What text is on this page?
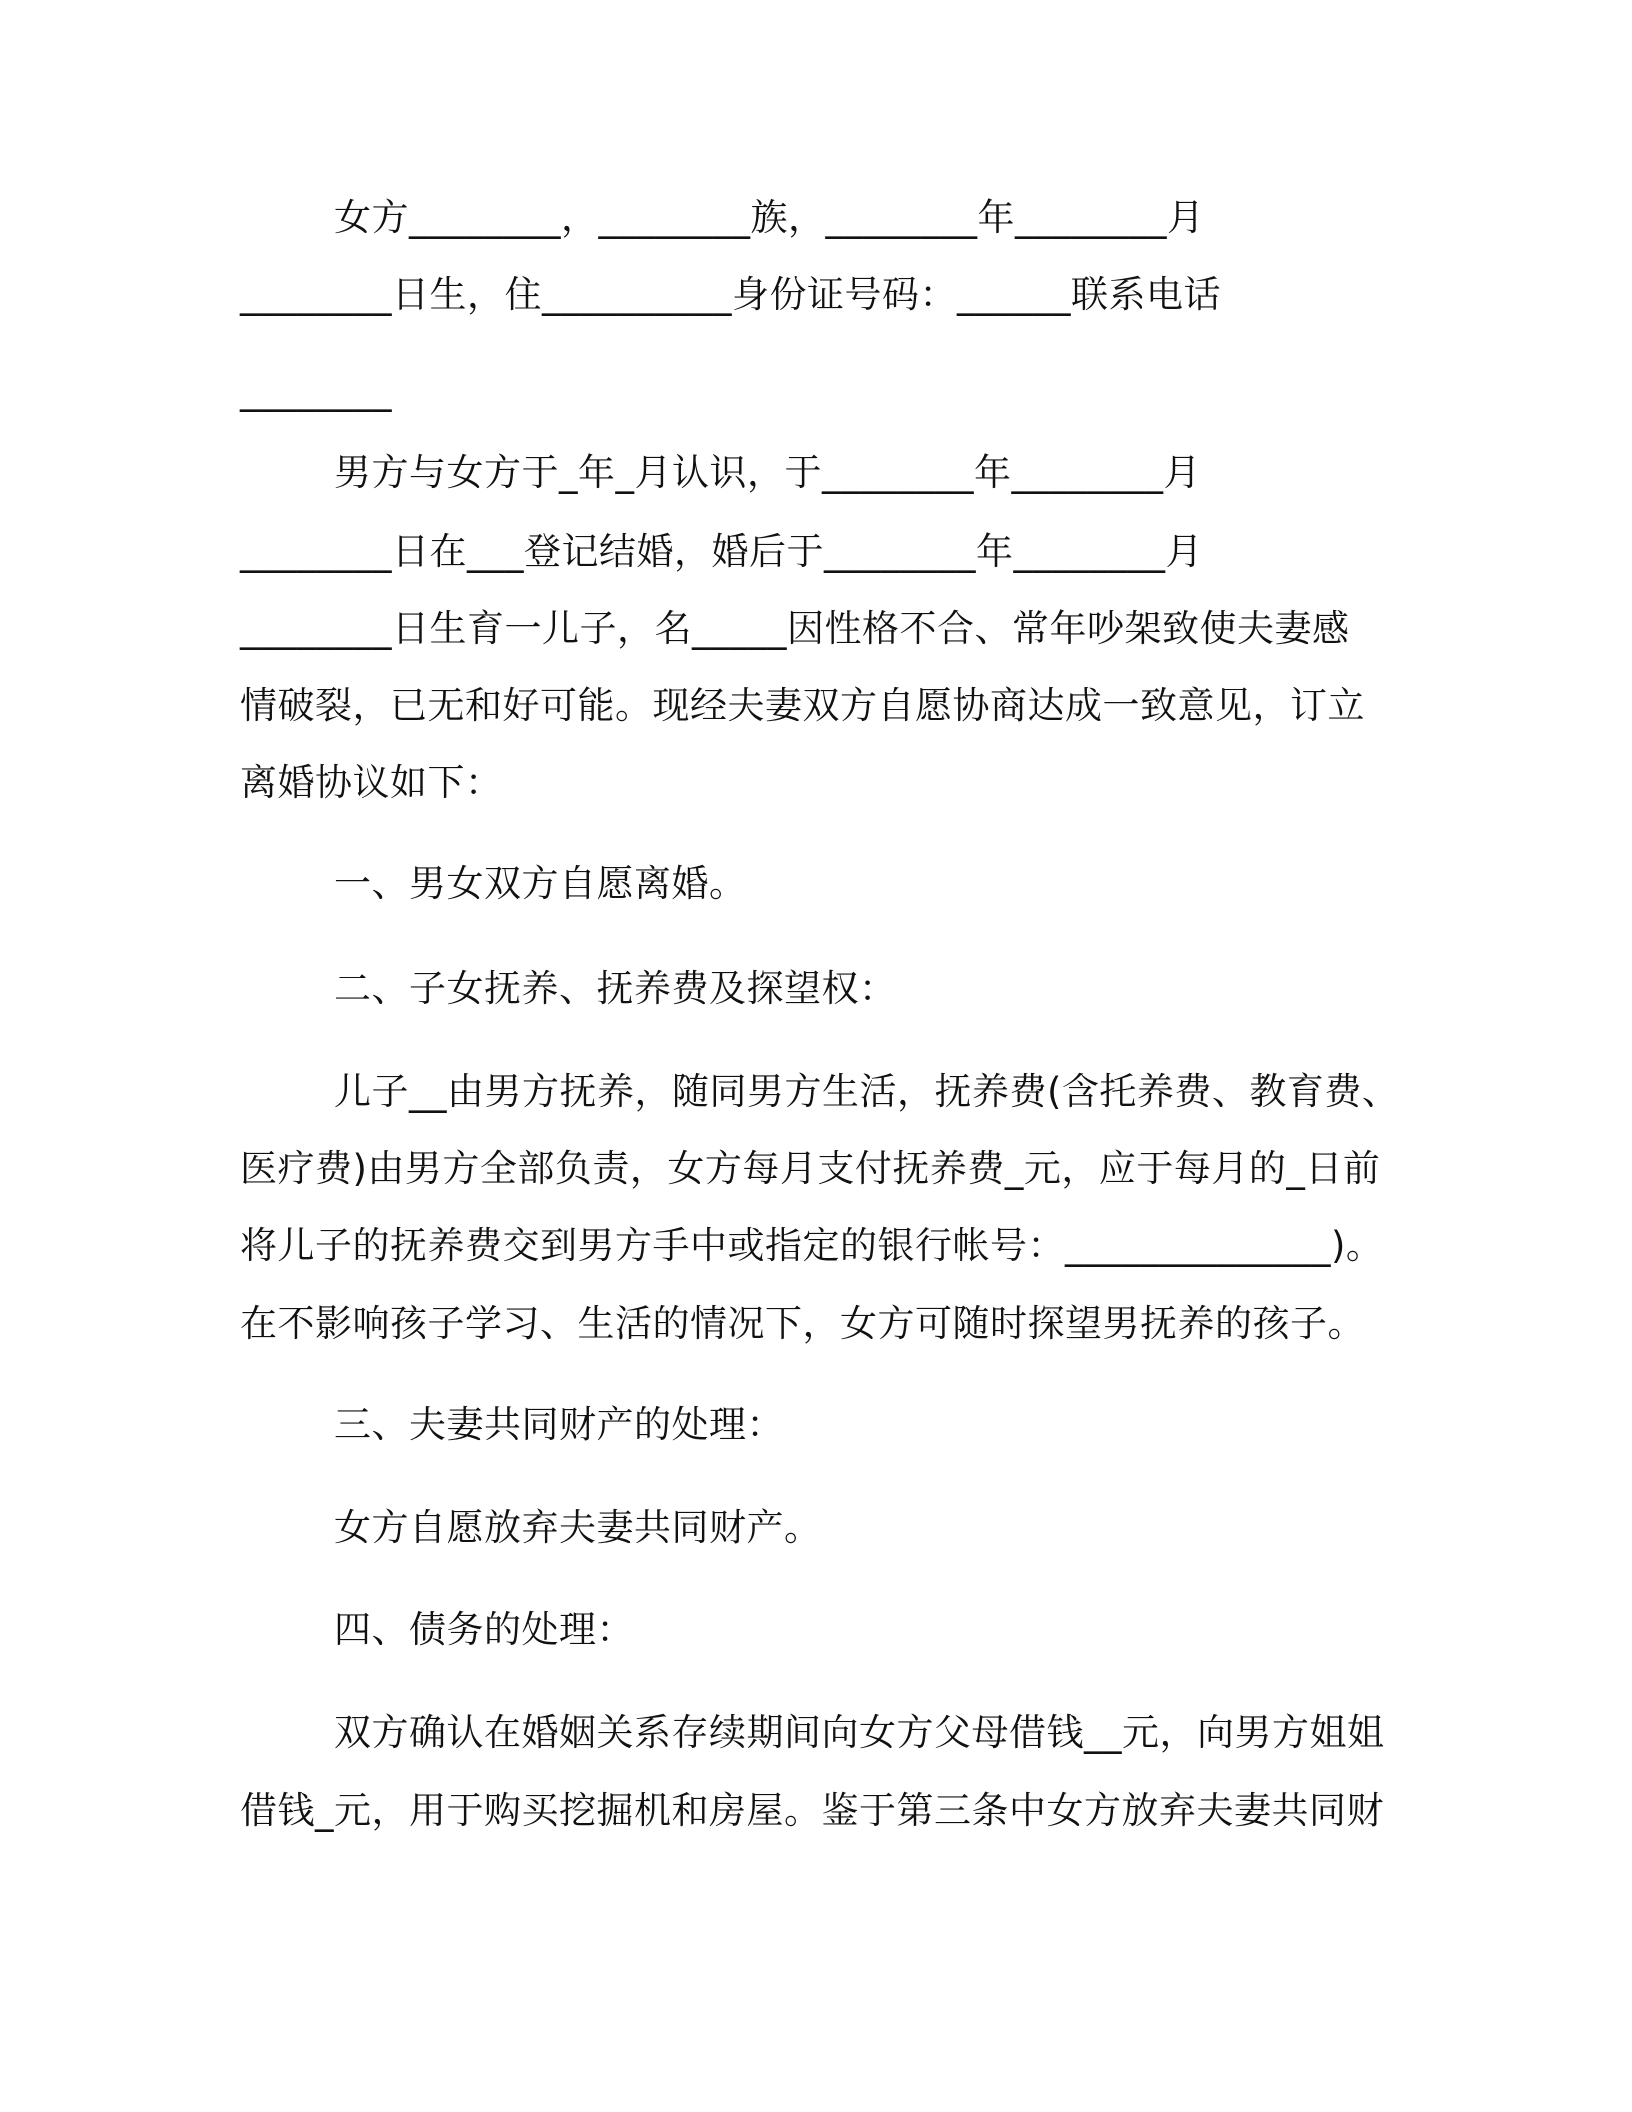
女方________，________族，________年________月
________日生，住__________身份证号码：______联系电话
________
男方与女方于_年_月认识，于________年________月
________日在___登记结婚，婚后于________年________月
________日生育一儿子，名_____因性格不合、常年吵架致使夫妻感
情破裂，已无和好可能。现经夫妻双方自愿协商达成一致意见，订立
离婚协议如下：
一、男女双方自愿离婚。
二、子女抚养、抚养费及探望权：
儿子__由男方抚养，随同男方生活，抚养费(含托养费、教育费、
医疗费)由男方全部负责，女方每月支付抚养费_元，应于每月的_日前
将儿子的抚养费交到男方手中或指定的银行帐号：______________)。
在不影响孩子学习、生活的情况下，女方可随时探望男抚养的孩子。
三、夫妻共同财产的处理：
女方自愿放弃夫妻共同财产。
四、债务的处理：
双方确认在婚姻关系存续期间向女方父母借钱__元，向男方姐姐
借钱_元，用于购买挖掘机和房屋。鉴于第三条中女方放弃夫妻共同财
